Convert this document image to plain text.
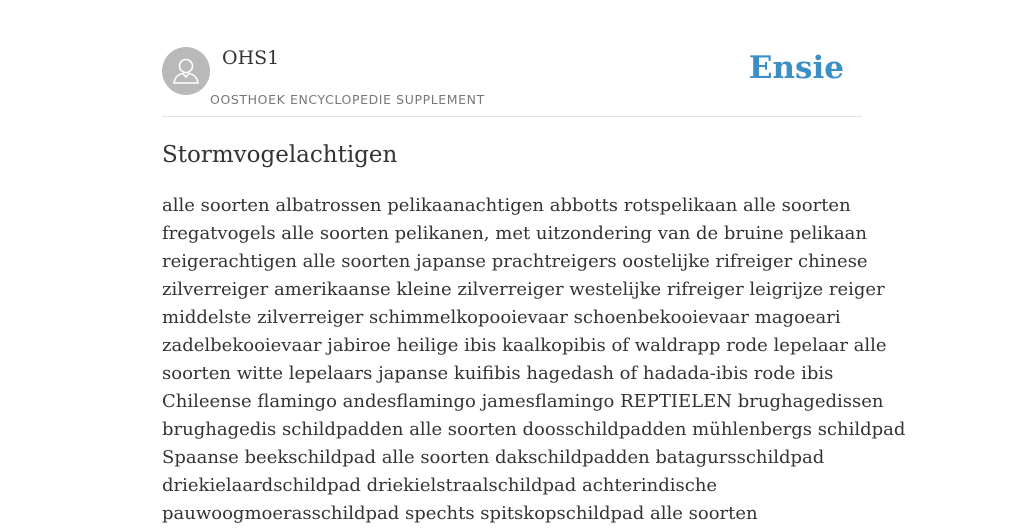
OHS1
OOSTHOEK ENCYCLOPEDIE SUPPLEMENT
Ensie
Stormvogelachtigen
alle soorten albatrossen pelikaanachtigen abbotts rotspelikaan alle soorten
fregatvogels alle soorten pelikanen, met uitzondering van de bruine pelikaan
reigerachtigen alle soorten japanse prachtreigers oostelijke rifreiger chinese
zilverreiger amerikaanse kleine zilverreiger westelijke rifreiger leigrijze reiger
middelste zilverreiger schimmelkopooievaar schoenbekooievaar magoeari
zadelbekooievaar jabiroe heilige ibis kaalkopibis of waldrapp rode lepelaar alle
soorten witte lepelaars japanse kuifibis hagedash of hadada-ibis rode ibis
Chileense flamingo andesflamingo jamesflamingo REPTIELEN brughagedissen
brughagedis schildpadden alle soorten doosschildpadden mühlenbergs schildpad
Spaanse beekschildpad alle soorten dakschildpadden batagursschildpad
driekielaardschildpad driekielstraalschildpad achterindische
pauwoogmoerasschildpad spechts spitskopschildpad alle soorten
